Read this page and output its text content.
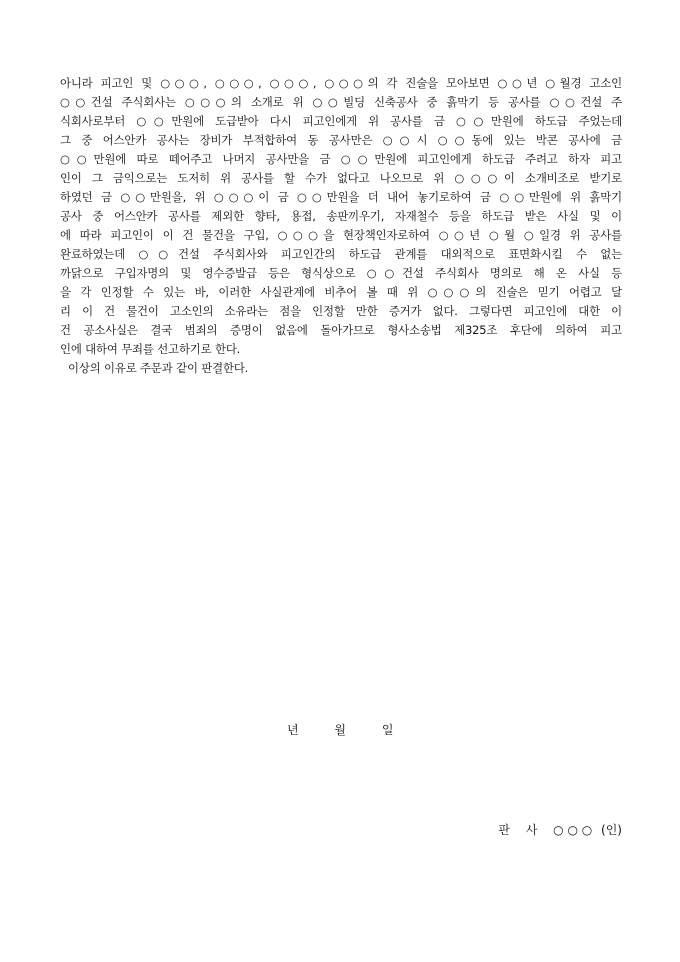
아니라 피고인 및 ○○○, ○○○, ○○○, ○○○의 각 진술을 모아보면 ○○년 ○월경 고소인
○○건설 주식회사는 ○○○의 소개로 위 ○○빌딩 신축공사 중 흙막기 등 공사를 ○○건설 주
식회사로부터 ○○만원에 도급받아 다시 피고인에게 위 공사를 금 ○○만원에 하도급 주었는데
그 중 어스안카 공사는 장비가 부적합하여 동 공사만은 ○○시 ○○동에 있는 박콘 공사에 금
○○만원에 따로 떼어주고 나머지 공사만을 금 ○○만원에 피고인에게 하도급 주려고 하자 피고
인이 그 금익으로는 도저히 위 공사를 할 수가 없다고 나오므로 위 ○○○이 소개비조로 받기로
하였던 금 ○○만원을, 위 ○○○이 금 ○○만원을 더 내어 놓기로하여 금 ○○만원에 위 흙막기
공사 중 어스안카 공사를 제외한 향타, 용접, 송판끼우기, 자재철수 등을 하도급 받은 사실 및 이
에 따라 피고인이 이 건 물건을 구입, ○○○을 현장책인자로하여 ○○년 ○월 ○일경 위 공사를
완료하였는데 ○○건설 주식회사와 피고인간의 하도급 관계를 대외적으로 표면화시킬 수 없는
까닭으로 구입자명의 및 영수증발급 등은 형식상으로 ○○건설 주식회사 명의로 해 온 사실 등
을 각 인정할 수 있는 바, 이러한 사실관계에 비추어 볼 때 위 ○○○의 진술은 믿기 어렵고 달
리 이 건 물건이 고소인의 소유라는 점을 인정할 만한 증거가 없다. 그렇다면 피고인에 대한 이
건 공소사실은 결국 범죄의 증명이 없음에 돌아가므로 형사소송법 제325조 후단에 의하여 피고
인에 대하여 무죄를 선고하기로 한다.
이상의 이유로 주문과 같이 판결한다.
년	월	일
판 사 ○ ○ ○ (인)
